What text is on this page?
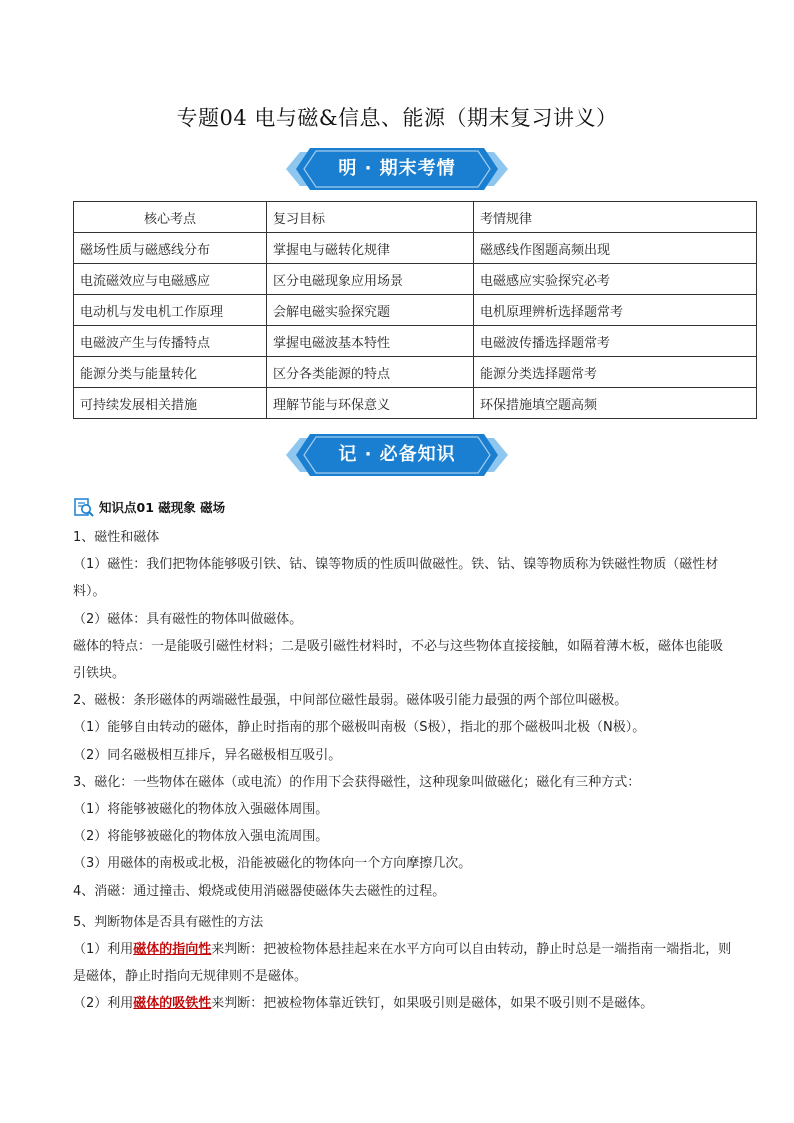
专题04 电与磁&信息、能源（期末复习讲义）
明 · 期末考情
核心考点	复习目标	考情规律
磁场性质与磁感线分布	掌握电与磁转化规律	磁感线作图题高频出现
电流磁效应与电磁感应	区分电磁现象应用场景	电磁感应实验探究必考
电动机与发电机工作原理	会解电磁实验探究题	电机原理辨析选择题常考
电磁波产生与传播特点	掌握电磁波基本特性	电磁波传播选择题常考
能源分类与能量转化	区分各类能源的特点	能源分类选择题常考
可持续发展相关措施	理解节能与环保意义	环保措施填空题高频
记 · 必备知识
知识点01 磁现象 磁场

1、磁性和磁体

（1）磁性：我们把物体能够吸引铁、钴、镍等物质的性质叫做磁性。铁、钴、镍等物质称为铁磁性物质（磁性材料）。

（2）磁体：具有磁性的物体叫做磁体。

磁体的特点：一是能吸引磁性材料；二是吸引磁性材料时，不必与这些物体直接接触，如隔着薄木板，磁体也能吸引铁块。

2、磁极：条形磁体的两端磁性最强，中间部位磁性最弱。磁体吸引能力最强的两个部位叫磁极。

（1）能够自由转动的磁体，静止时指南的那个磁极叫南极（S极），指北的那个磁极叫北极（N极）。

（2）同名磁极相互排斥，异名磁极相互吸引。

3、磁化：一些物体在磁体（或电流）的作用下会获得磁性，这种现象叫做磁化；磁化有三种方式：

（1）将能够被磁化的物体放入强磁体周围。

（2）将能够被磁化的物体放入强电流周围。

（3）用磁体的南极或北极，沿能被磁化的物体向一个方向摩擦几次。

4、消磁：通过撞击、煅烧或使用消磁器使磁体失去磁性的过程。

5、判断物体是否具有磁性的方法

（1）利用磁体的指向性来判断：把被检物体悬挂起来在水平方向可以自由转动，静止时总是一端指南一端指北，则是磁体，静止时指向无规律则不是磁体。

（2）利用磁体的吸铁性来判断：把被检物体靠近铁钉，如果吸引则是磁体，如果不吸引则不是磁体。
